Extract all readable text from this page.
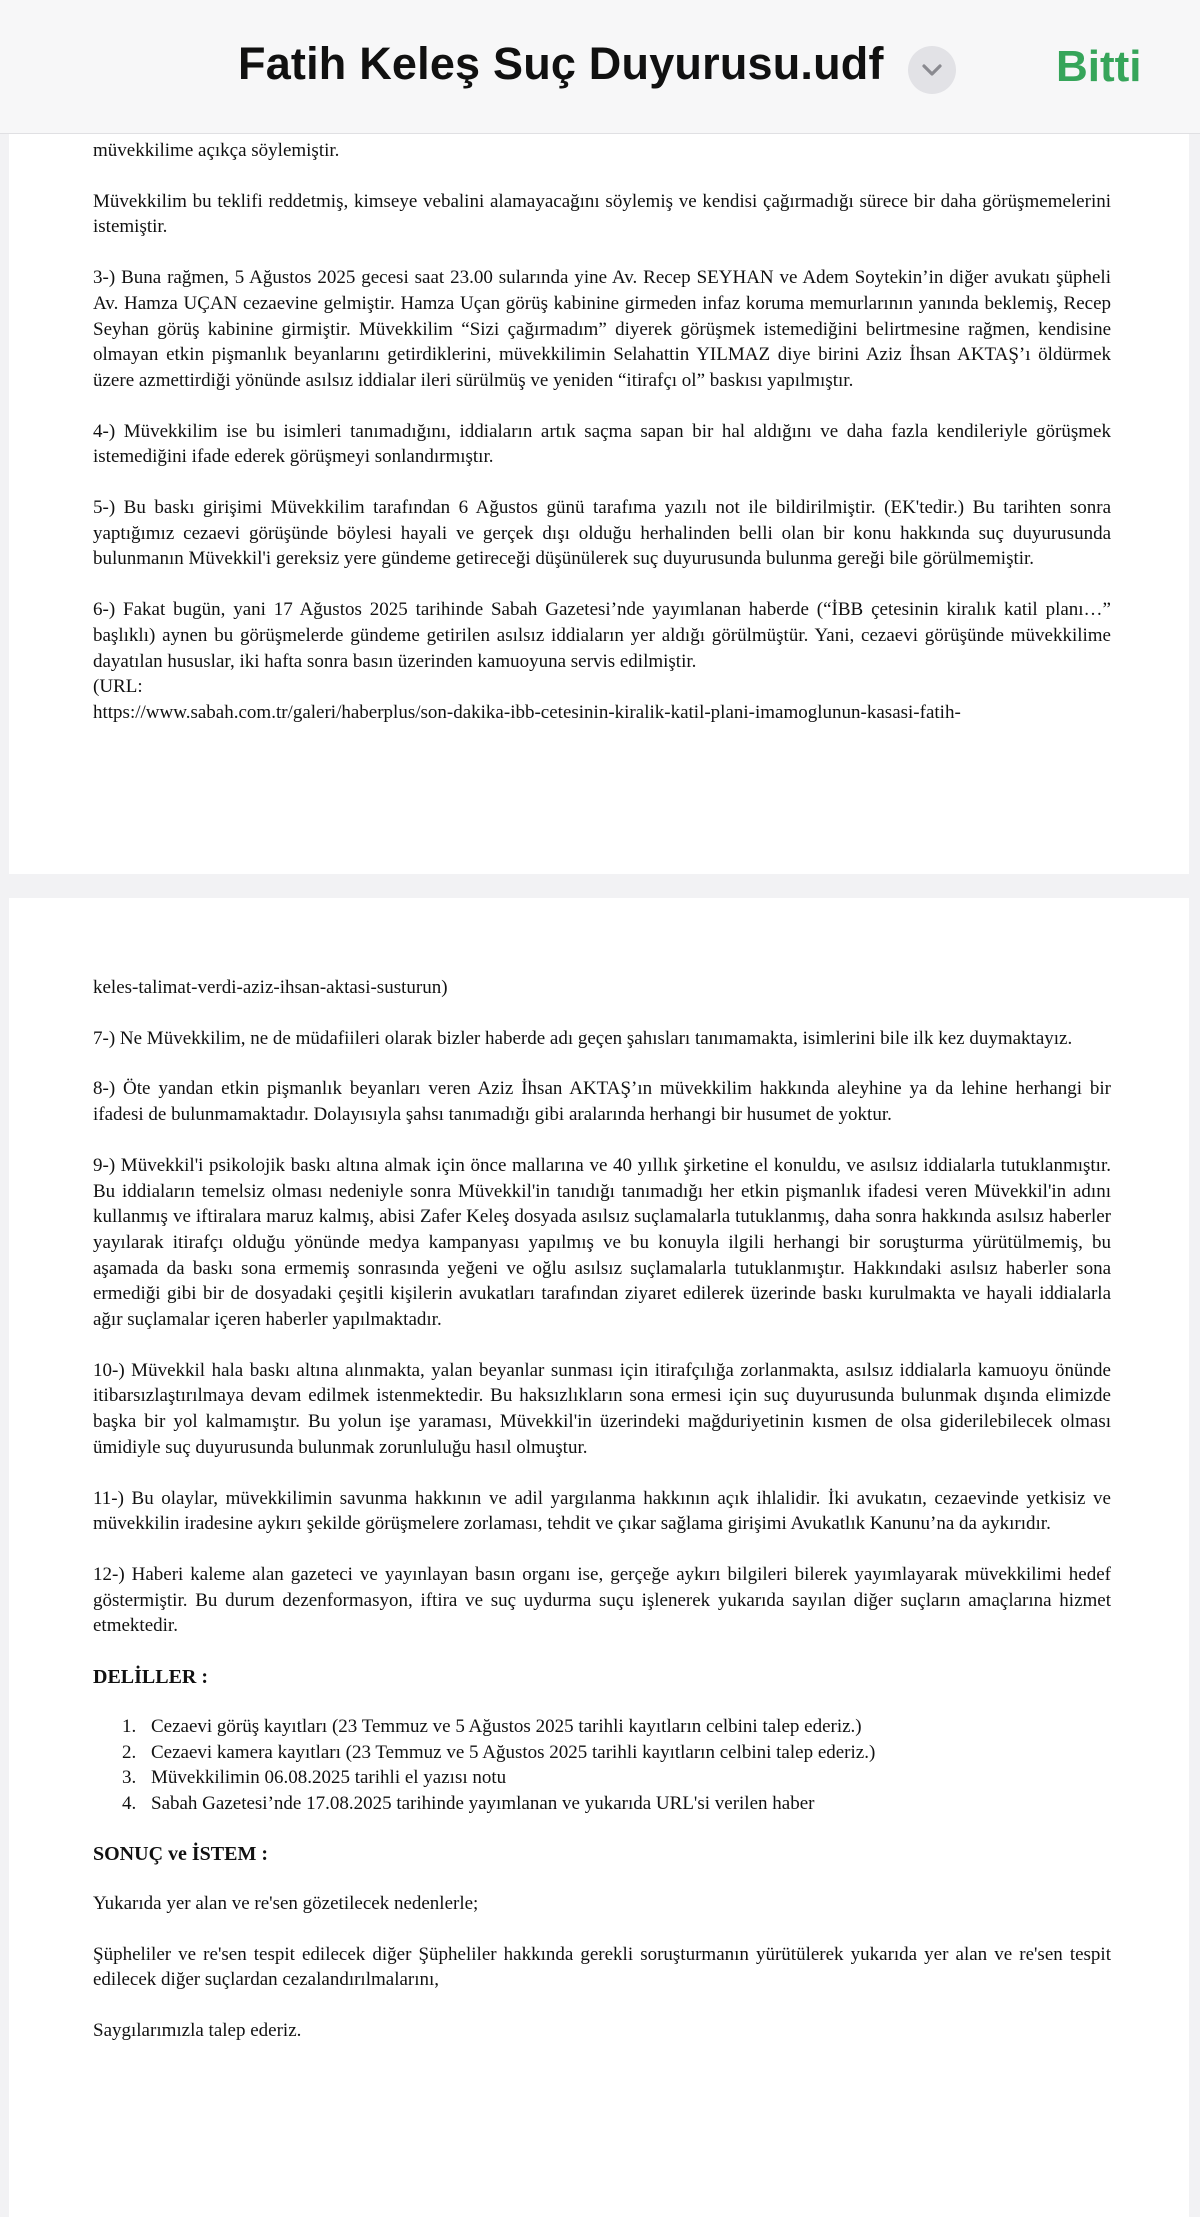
Fatih Keleş Suç Duyurusu.udf	Bitti

müvekkilime açıkça söylemiştir.

Müvekkilim bu teklifi reddetmiş, kimseye vebalini alamayacağını söylemiş ve kendisi çağırmadığı sürece bir daha görüşmemelerini istemiştir.

3-) Buna rağmen, 5 Ağustos 2025 gecesi saat 23.00 sularında yine Av. Recep SEYHAN ve Adem Soytekin’in diğer avukatı şüpheli Av. Hamza UÇAN cezaevine gelmiştir. Hamza Uçan görüş kabinine girmeden infaz koruma memurlarının yanında beklemiş, Recep Seyhan görüş kabinine girmiştir. Müvekkilim “Sizi çağırmadım” diyerek görüşmek istemediğini belirtmesine rağmen, kendisine olmayan etkin pişmanlık beyanlarını getirdiklerini, müvekkilimin Selahattin YILMAZ diye birini Aziz İhsan AKTAŞ’ı öldürmek üzere azmettirdiği yönünde asılsız iddialar ileri sürülmüş ve yeniden “itirafçı ol” baskısı yapılmıştır.

4-) Müvekkilim ise bu isimleri tanımadığını, iddiaların artık saçma sapan bir hal aldığını ve daha fazla kendileriyle görüşmek istemediğini ifade ederek görüşmeyi sonlandırmıştır.

5-) Bu baskı girişimi Müvekkilim tarafından 6 Ağustos günü tarafıma yazılı not ile bildirilmiştir. (EK'tedir.) Bu tarihten sonra yaptığımız cezaevi görüşünde böylesi hayali ve gerçek dışı olduğu herhalinden belli olan bir konu hakkında suç duyurusunda bulunmanın Müvekkil'i gereksiz yere gündeme getireceği düşünülerek suç duyurusunda bulunma gereği bile görülmemiştir.

6-) Fakat bugün, yani 17 Ağustos 2025 tarihinde Sabah Gazetesi’nde yayımlanan haberde (“İBB çetesinin kiralık katil planı…” başlıklı) aynen bu görüşmelerde gündeme getirilen asılsız iddiaların yer aldığı görülmüştür. Yani, cezaevi görüşünde müvekkilime dayatılan hususlar, iki hafta sonra basın üzerinden kamuoyuna servis edilmiştir.

(URL:

https://www.sabah.com.tr/galeri/haberplus/son-dakika-ibb-cetesinin-kiralik-katil-plani-imamoglunun-kasasi-fatih-

keles-talimat-verdi-aziz-ihsan-aktasi-susturun)

7-) Ne Müvekkilim, ne de müdafiileri olarak bizler haberde adı geçen şahısları tanımamakta, isimlerini bile ilk kez duymaktayız.

8-) Öte yandan etkin pişmanlık beyanları veren Aziz İhsan AKTAŞ’ın müvekkilim hakkında aleyhine ya da lehine herhangi bir ifadesi de bulunmamaktadır. Dolayısıyla şahsı tanımadığı gibi aralarında herhangi bir husumet de yoktur.

9-) Müvekkil'i psikolojik baskı altına almak için önce mallarına ve 40 yıllık şirketine el konuldu, ve asılsız iddialarla tutuklanmıştır. Bu iddiaların temelsiz olması nedeniyle sonra Müvekkil'in tanıdığı tanımadığı her etkin pişmanlık ifadesi veren Müvekkil'in adını kullanmış ve iftiralara maruz kalmış, abisi Zafer Keleş dosyada asılsız suçlamalarla tutuklanmış, daha sonra hakkında asılsız haberler yayılarak itirafçı olduğu yönünde medya kampanyası yapılmış ve bu konuyla ilgili herhangi bir soruşturma yürütülmemiş, bu aşamada da baskı sona ermemiş sonrasında yeğeni ve oğlu asılsız suçlamalarla tutuklanmıştır. Hakkındaki asılsız haberler sona ermediği gibi bir de dosyadaki çeşitli kişilerin avukatları tarafından ziyaret edilerek üzerinde baskı kurulmakta ve hayali iddialarla ağır suçlamalar içeren haberler yapılmaktadır.

10-) Müvekkil hala baskı altına alınmakta, yalan beyanlar sunması için itirafçılığa zorlanmakta, asılsız iddialarla kamuoyu önünde itibarsızlaştırılmaya devam edilmek istenmektedir. Bu haksızlıkların sona ermesi için suç duyurusunda bulunmak dışında elimizde başka bir yol kalmamıştır. Bu yolun işe yaraması, Müvekkil'in üzerindeki mağduriyetinin kısmen de olsa giderilebilecek olması ümidiyle suç duyurusunda bulunmak zorunluluğu hasıl olmuştur.

11-) Bu olaylar, müvekkilimin savunma hakkının ve adil yargılanma hakkının açık ihlalidir. İki avukatın, cezaevinde yetkisiz ve müvekkilin iradesine aykırı şekilde görüşmelere zorlaması, tehdit ve çıkar sağlama girişimi Avukatlık Kanunu’na da aykırıdır.

12-) Haberi kaleme alan gazeteci ve yayınlayan basın organı ise, gerçeğe aykırı bilgileri bilerek yayımlayarak müvekkilimi hedef göstermiştir. Bu durum dezenformasyon, iftira ve suç uydurma suçu işlenerek yukarıda sayılan diğer suçların amaçlarına hizmet etmektedir.

DELİLLER :
1. Cezaevi görüş kayıtları (23 Temmuz ve 5 Ağustos 2025 tarihli kayıtların celbini talep ederiz.)
2. Cezaevi kamera kayıtları (23 Temmuz ve 5 Ağustos 2025 tarihli kayıtların celbini talep ederiz.)
3. Müvekkilimin 06.08.2025 tarihli el yazısı notu
4. Sabah Gazetesi’nde 17.08.2025 tarihinde yayımlanan ve yukarıda URL'si verilen haber
SONUÇ ve İSTEM :

Yukarıda yer alan ve re'sen gözetilecek nedenlerle;

Şüpheliler ve re'sen tespit edilecek diğer Şüpheliler hakkında gerekli soruşturmanın yürütülerek yukarıda yer alan ve re'sen tespit edilecek diğer suçlardan cezalandırılmalarını,

Saygılarımızla talep ederiz.
